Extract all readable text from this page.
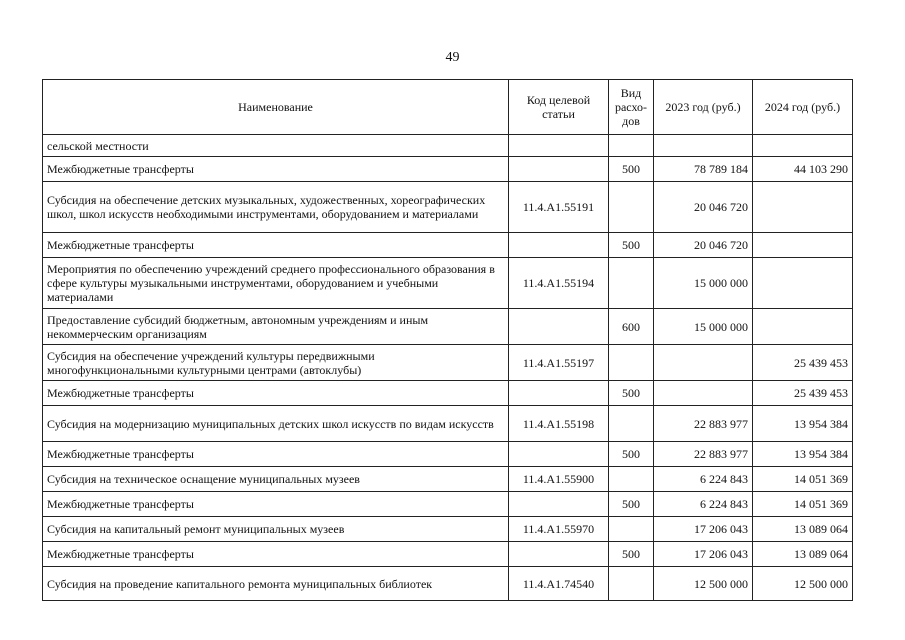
49
Наименование	Код целевой статьи	Вид расхо-дов	2023 год (руб.)	2024 год (руб.)
сельской местности				
Межбюджетные трансферты		500	78 789 184	44 103 290
Субсидия на обеспечение детских музыкальных, художественных, хореографических школ, школ искусств необходимыми инструментами, оборудованием и материалами	11.4.А1.55191		20 046 720	
Межбюджетные трансферты		500	20 046 720	
Мероприятия по обеспечению учреждений среднего профессионального образования в сфере культуры музыкальными инструментами, оборудованием и учебными материалами	11.4.А1.55194		15 000 000	
Предоставление субсидий бюджетным, автономным учреждениям и иным некоммерческим организациям		600	15 000 000	
Субсидия на обеспечение учреждений культуры передвижными многофункциональными культурными центрами (автоклубы)	11.4.А1.55197			25 439 453
Межбюджетные трансферты		500		25 439 453
Субсидия на модернизацию муниципальных детских школ искусств по видам искусств	11.4.А1.55198		22 883 977	13 954 384
Межбюджетные трансферты		500	22 883 977	13 954 384
Субсидия на техническое оснащение муниципальных музеев	11.4.А1.55900		6 224 843	14 051 369
Межбюджетные трансферты		500	6 224 843	14 051 369
Субсидия на капитальный ремонт муниципальных музеев	11.4.А1.55970		17 206 043	13 089 064
Межбюджетные трансферты		500	17 206 043	13 089 064
Субсидия на проведение капитального ремонта муниципальных библиотек	11.4.А1.74540		12 500 000	12 500 000
